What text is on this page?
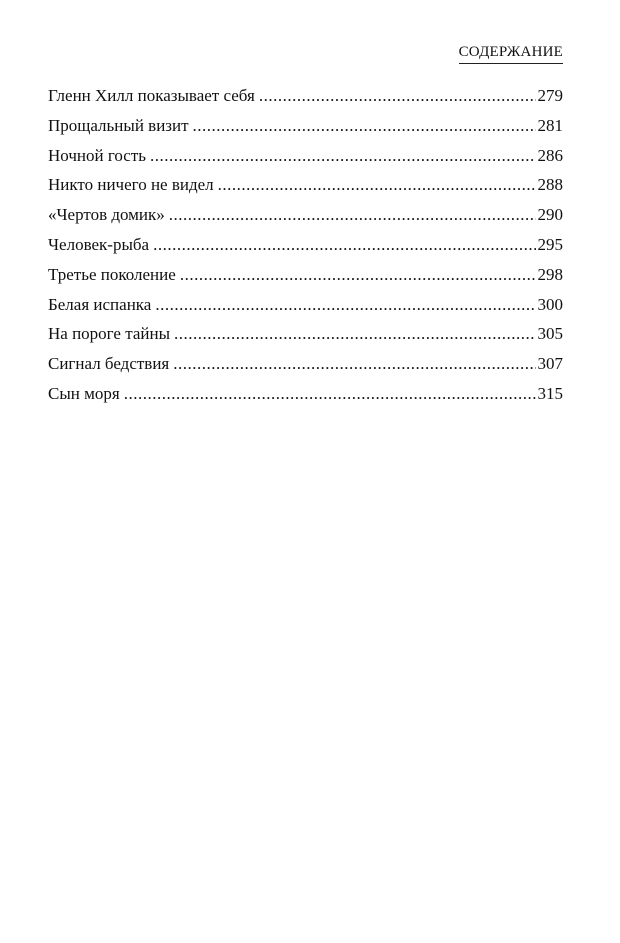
СОДЕРЖАНИЕ
Гленн Хилл показывает себя .....	279
Прощальный визит .....	281
Ночной гость .....	286
Никто ничего не видел .....	288
«Чертов домик» .....	290
Человек-рыба .....	295
Третье поколение .....	298
Белая испанка .....	300
На пороге тайны .....	305
Сигнал бедствия .....	307
Сын моря .....	315
